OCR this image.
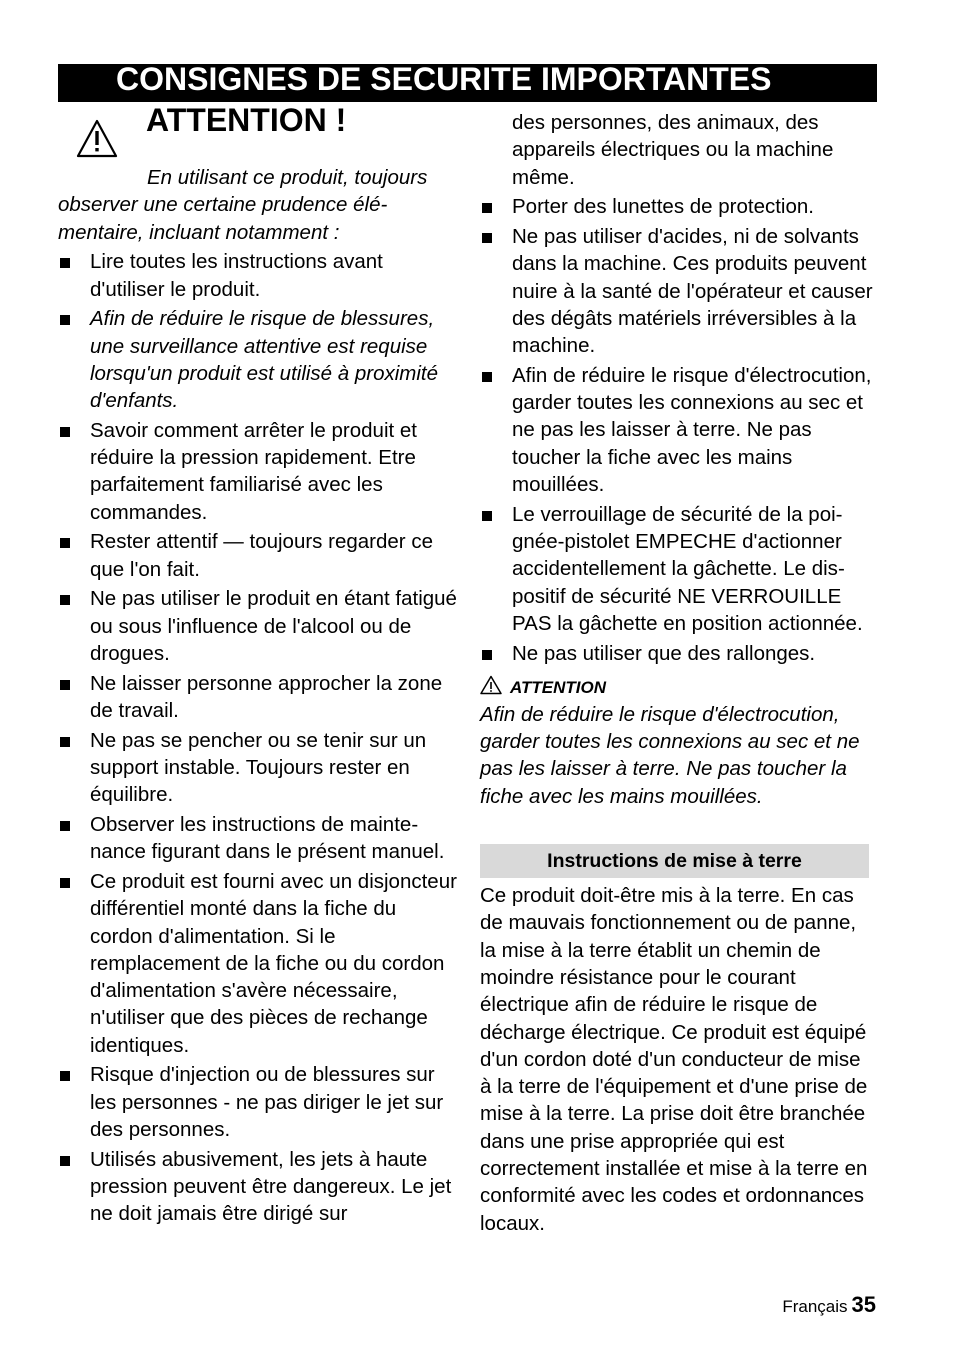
CONSIGNES DE SECURITE IMPORTANTES
ATTENTION !

En utilisant ce produit, toujours observer une certaine prudence élémentaire, incluant notamment :

Lire toutes les instructions avant d'utiliser le produit.
Afin de réduire le risque de blessures, une surveillance attentive est requise lorsqu'un produit est utilisé à proximité d'enfants.
Savoir comment arrêter le produit et réduire la pression rapidement. Etre parfaitement familiarisé avec les commandes.
Rester attentif — toujours regarder ce que l'on fait.
Ne pas utiliser le produit en étant fatigué ou sous l'influence de l'alcool ou de drogues.
Ne laisser personne approcher la zone de travail.
Ne pas se pencher ou se tenir sur un support instable. Toujours rester en équilibre.
Observer les instructions de maintenance figurant dans le présent manuel.
Ce produit est fourni avec un disjoncteur différentiel monté dans la fiche du cordon d'alimentation. Si le remplacement de la fiche ou du cordon d'alimentation s'avère nécessaire, n'utiliser que des pièces de rechange identiques.
Risque d'injection ou de blessures sur les personnes - ne pas diriger le jet sur des personnes.
Utilisés abusivement, les jets à haute pression peuvent être dangereux. Le jet ne doit jamais être dirigé sur

des personnes, des animaux, des appareils électriques ou la machine même.

Porter des lunettes de protection.
Ne pas utiliser d'acides, ni de solvants dans la machine. Ces produits peuvent nuire à la santé de l'opérateur et causer des dégâts matériels irréversibles à la machine.
Afin de réduire le risque d'électrocution, garder toutes les connexions au sec et ne pas les laisser à terre. Ne pas toucher la fiche avec les mains mouillées.
Le verrouillage de sécurité de la poignée-pistolet EMPECHE d'actionner accidentellement la gâchette. Le dispositif de sécurité NE VERROUILLE PAS la gâchette en position actionnée.
Ne pas utiliser que des rallonges.
ATTENTION

Afin de réduire le risque d'électrocution, garder toutes les connexions au sec et ne pas les laisser à terre. Ne pas toucher la fiche avec les mains mouillées.

Instructions de mise à terre

Ce produit doit-être mis à la terre. En cas de mauvais fonctionnement ou de panne, la mise à la terre établit un chemin de moindre résistance pour le courant électrique afin de réduire le risque de décharge électrique. Ce produit est équipé d'un cordon doté d'un conducteur de mise à la terre de l'équipement et d'une prise de mise à la terre. La prise doit être branchée dans une prise appropriée qui est correctement installée et mise à la terre en conformité avec les codes et ordonnances locaux.

Français 35
